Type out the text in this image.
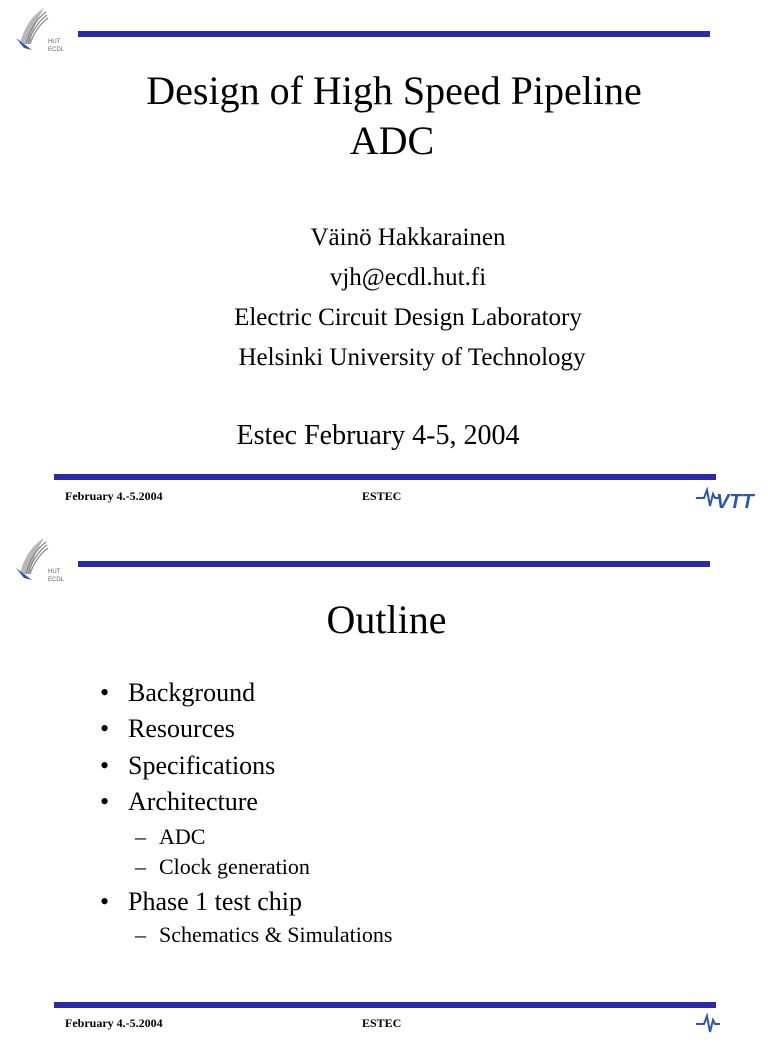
HUT
ECDL
Design of High Speed Pipeline
ADC
Väinö Hakkarainen
vjh@ecdl.hut.fi
Electric Circuit Design Laboratory
Helsinki University of Technology
Estec February 4-5, 2004
February 4.-5.2004	ESTEC	VTT
HUT
ECDL
Outline
• Background
• Resources
• Specifications
• Architecture
– ADC
– Clock generation
• Phase 1 test chip
– Schematics & Simulations
February 4.-5.2004	ESTEC
